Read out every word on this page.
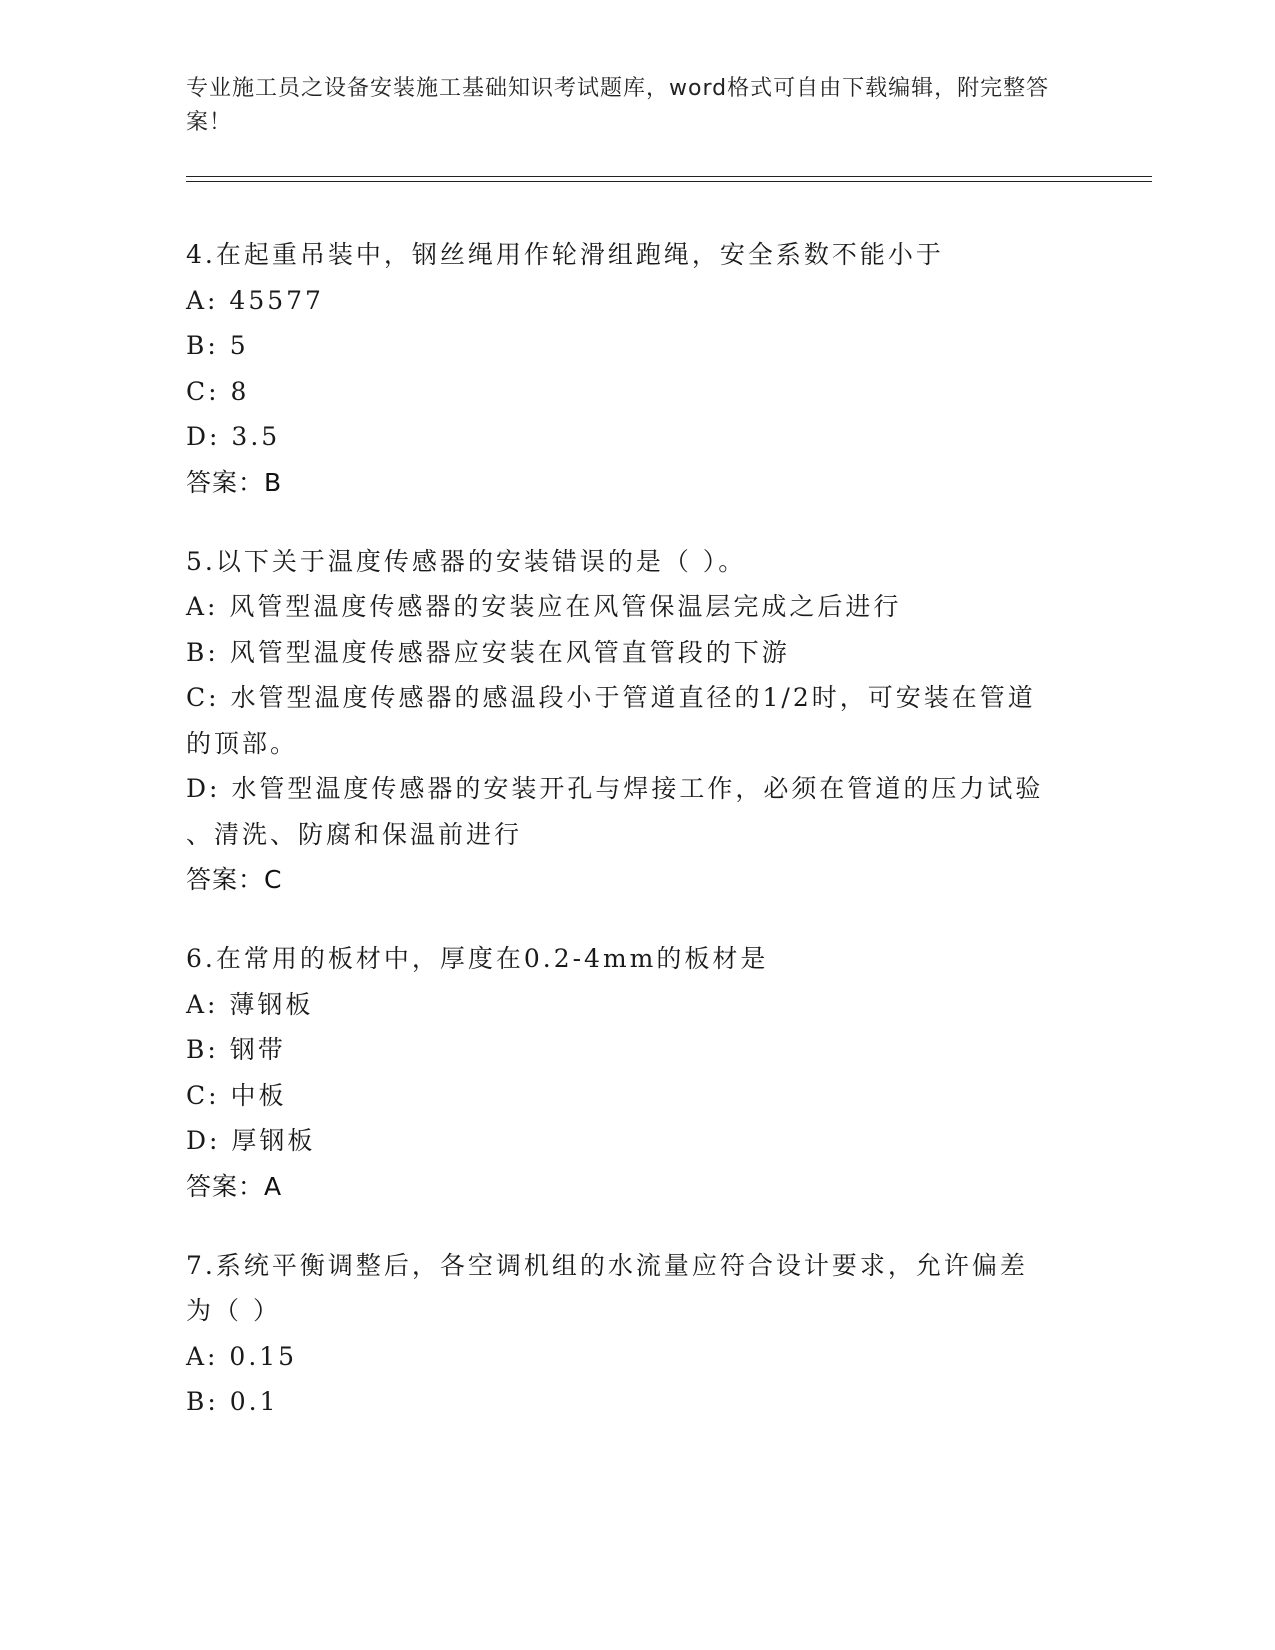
专业施工员之设备安装施工基础知识考试题库，word格式可自由下载编辑，附完整答案！

4.在起重吊装中，钢丝绳用作轮滑组跑绳，安全系数不能小于

A: 45577

B: 5

C: 8

D: 3.5

答案：B

5.以下关于温度传感器的安装错误的是（ ）。

A: 风管型温度传感器的安装应在风管保温层完成之后进行

B: 风管型温度传感器应安装在风管直管段的下游

C: 水管型温度传感器的感温段小于管道直径的1/2时，可安装在管道

的顶部。

D: 水管型温度传感器的安装开孔与焊接工作，必须在管道的压力试验

、清洗、防腐和保温前进行

答案：C

6.在常用的板材中，厚度在0.2-4mm的板材是

A: 薄钢板

B: 钢带

C: 中板

D: 厚钢板

答案：A

7.系统平衡调整后，各空调机组的水流量应符合设计要求，允许偏差

为（ ）

A: 0.15

B: 0.1
